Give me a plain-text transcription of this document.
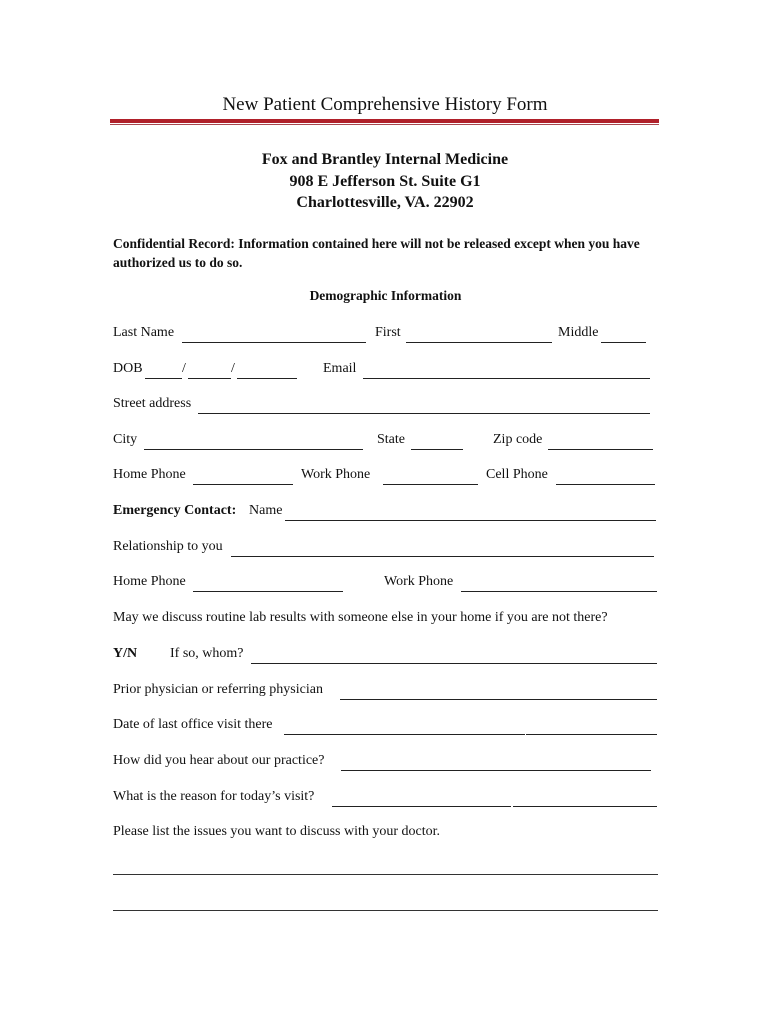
New Patient Comprehensive History Form
Fox and Brantley Internal Medicine
908 E Jefferson St. Suite G1
Charlottesville, VA. 22902
Confidential Record: Information contained here will not be released except when you have authorized us to do so.
Demographic Information
Last Name	First	Middle
DOB	/	/	Email
Street address
City	State	Zip code
Home Phone	Work Phone	Cell Phone
Emergency Contact: Name
Relationship to you
Home Phone	Work Phone
May we discuss routine lab results with someone else in your home if you are not there?
Y/N If so, whom?
Prior physician or referring physician
Date of last office visit there
How did you hear about our practice?
What is the reason for today’s visit?
Please list the issues you want to discuss with your doctor.
